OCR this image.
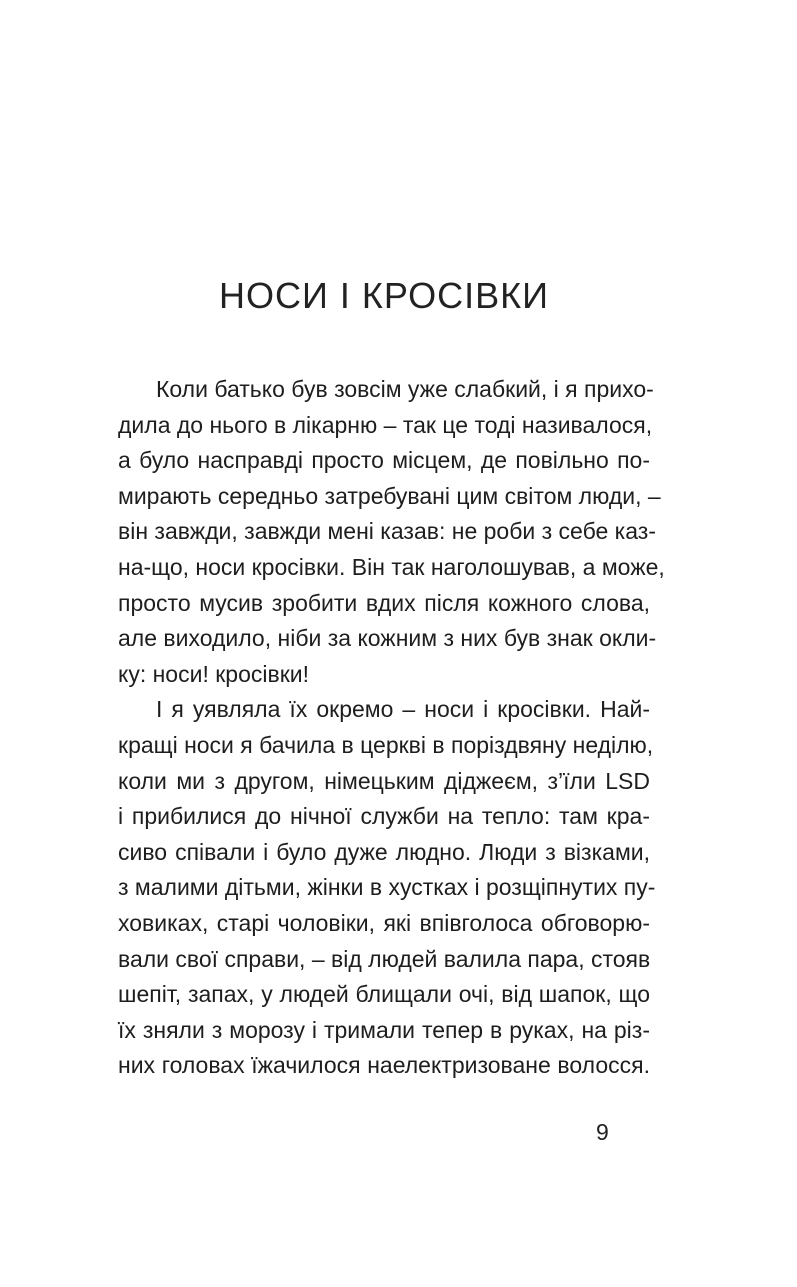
НОСИ І КРОСІВКИ
Коли батько був зовсім уже слабкий, і я прихо-
дила до нього в лікарню – так це тоді називалося,
а було насправді просто місцем, де повільно по-
мирають середньо затребувані цим світом люди, –
він завжди, завжди мені казав: не роби з себе каз-
на-що, носи кросівки. Він так наголошував, а може,
просто мусив зробити вдих після кожного слова,
але виходило, ніби за кожним з них був знак окли-
ку: носи! кросівки!
І я уявляла їх окремо – носи і кросівки. Най-
кращі носи я бачила в церкві в поріздвяну неділю,
коли ми з другом, німецьким діджеєм, з’їли LSD
і прибилися до нічної служби на тепло: там кра-
сиво співали і було дуже людно. Люди з візками,
з малими дітьми, жінки в хустках і розщіпнутих пу-
ховиках, старі чоловіки, які впівголоса обговорю-
вали свої справи, – від людей валила пара, стояв
шепіт, запах, у людей блищали очі, від шапок, що
їх зняли з морозу і тримали тепер в руках, на різ-
них головах їжачилося наелектризоване волосся.
9
